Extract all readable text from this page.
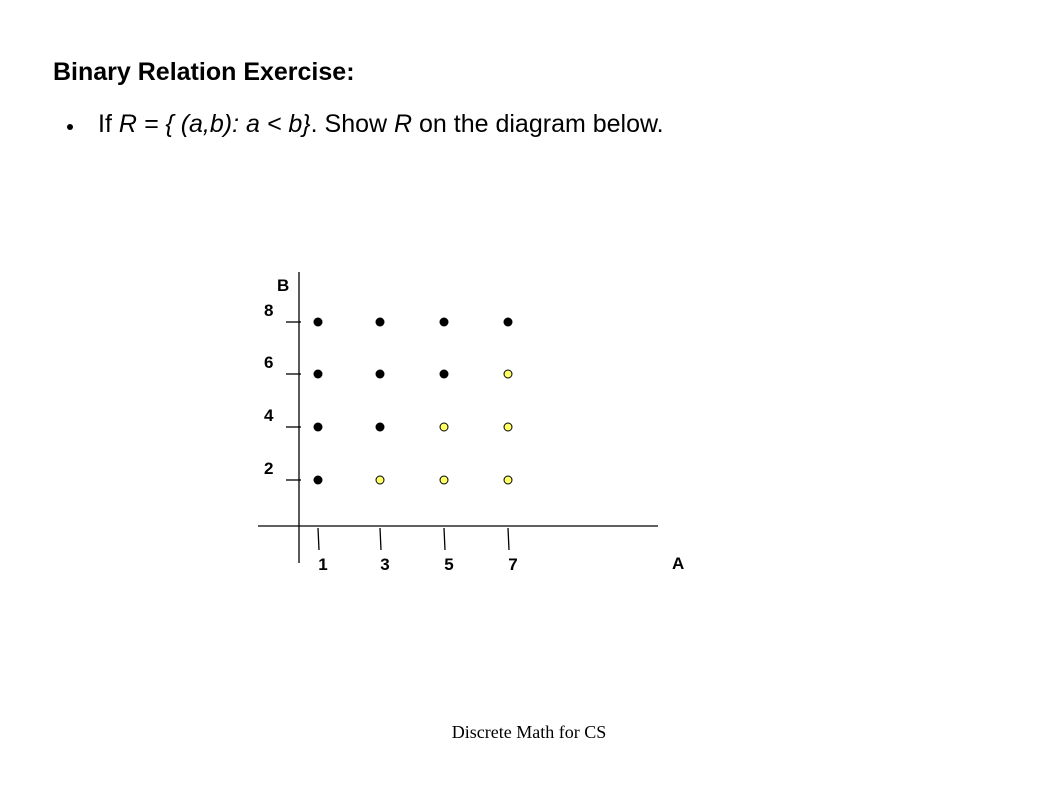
Binary Relation Exercise:
If R = { (a,b): a < b}. Show R on the diagram below.
B
A
2
4
6
8
1	3	5	7
Discrete Math for CS
